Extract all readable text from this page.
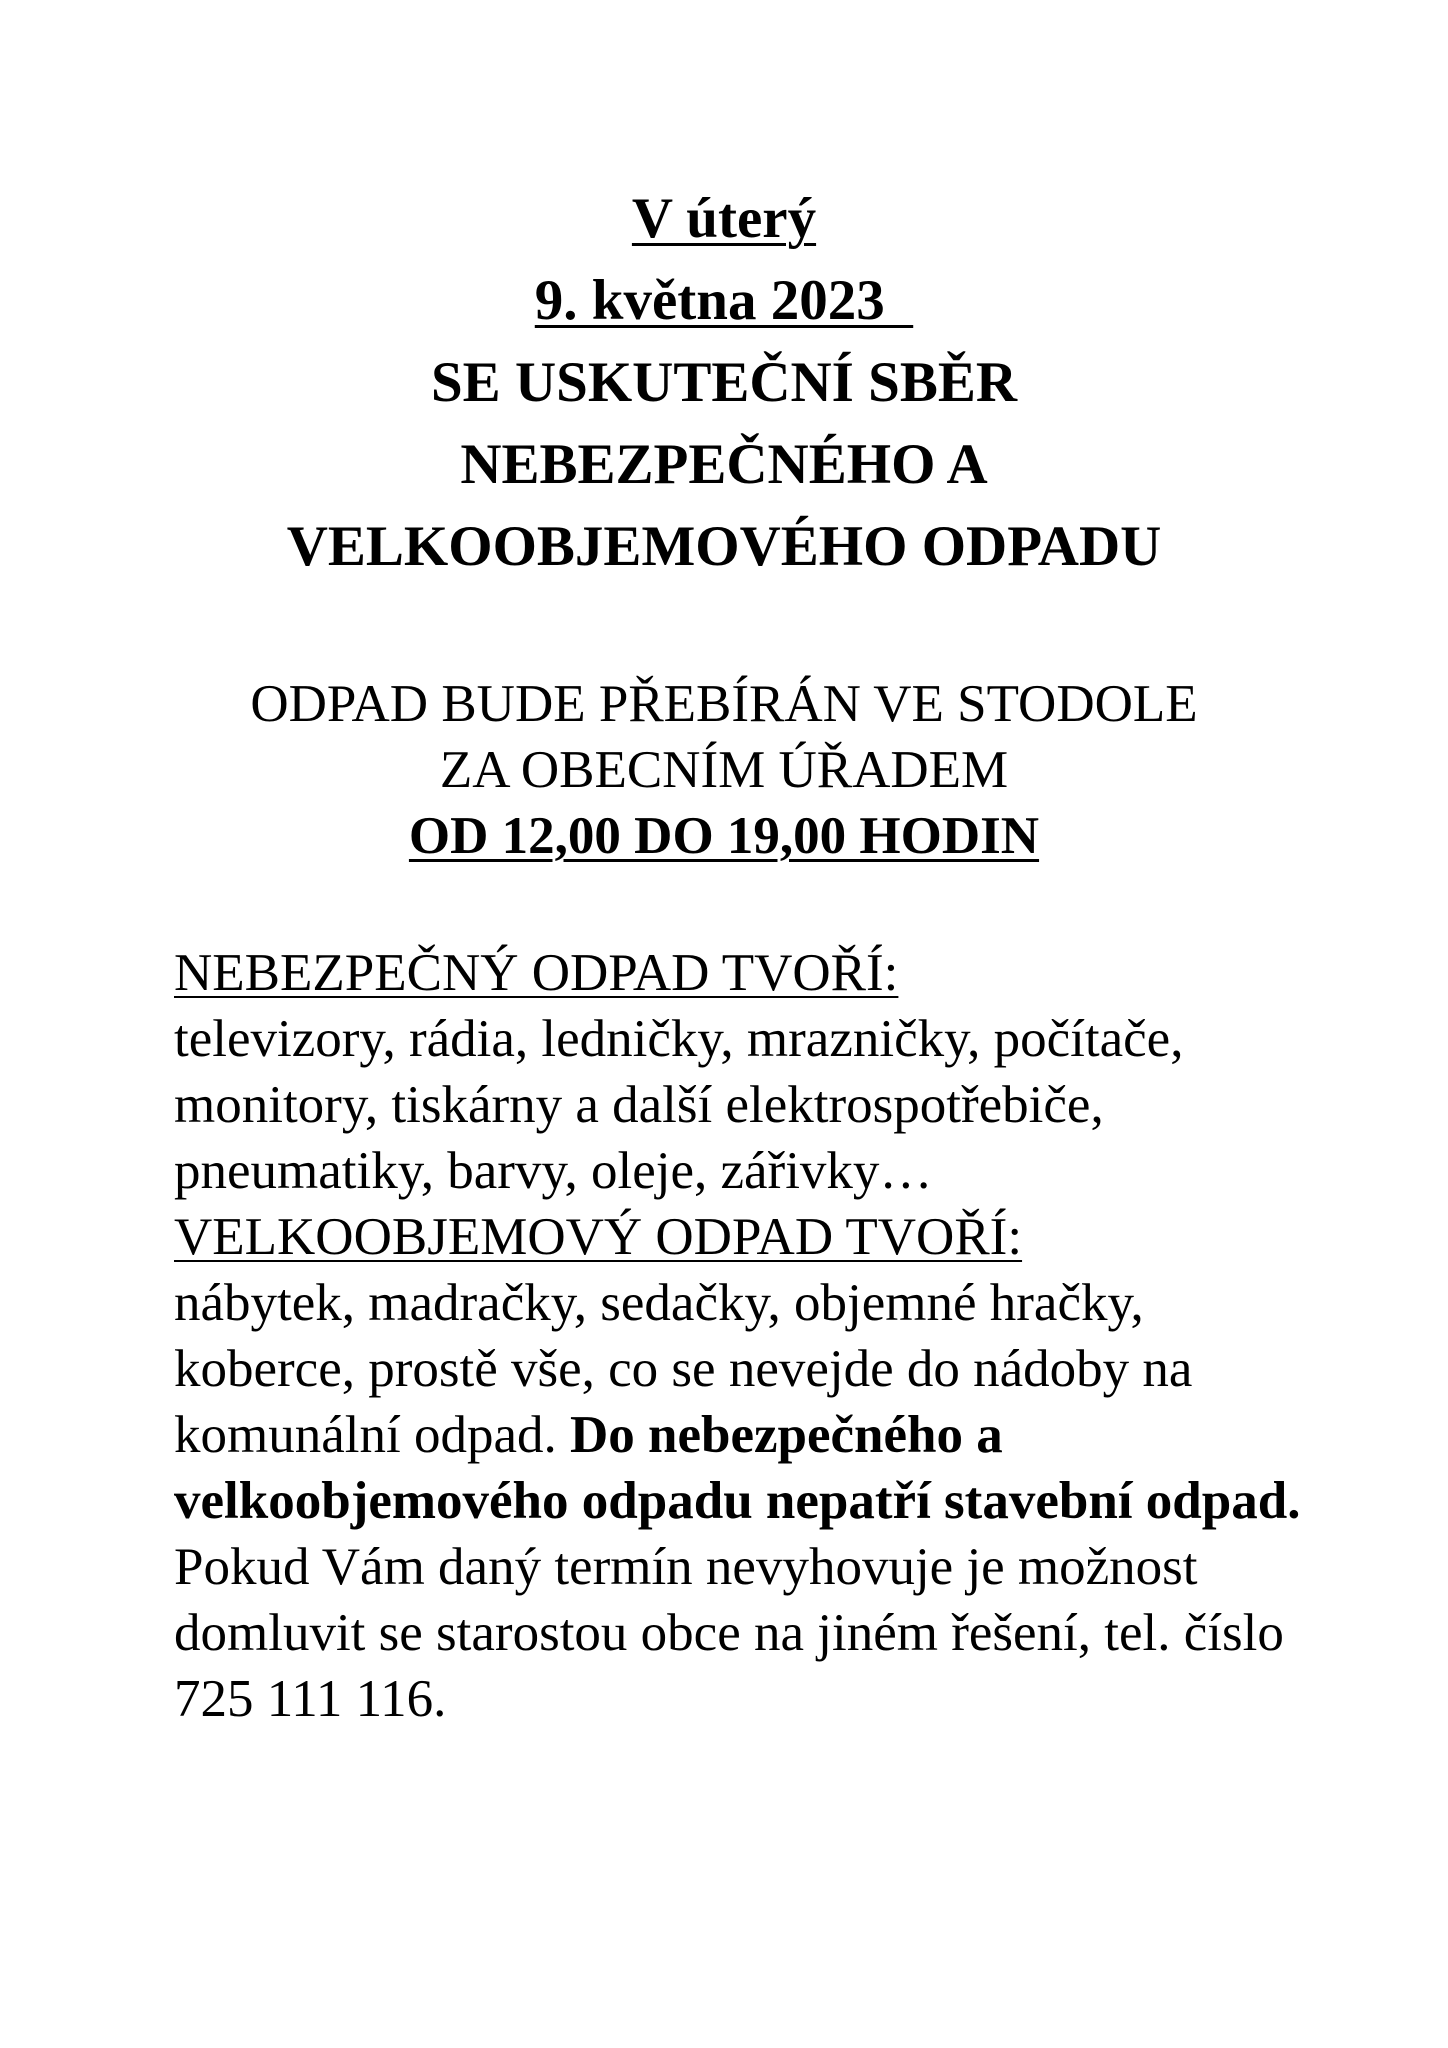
V úterý
9. května 2023
SE USKUTEČNÍ SBĚR
NEBEZPEČNÉHO A
VELKOOBJEMOVÉHO ODPADU
ODPAD BUDE PŘEBÍRÁN VE STODOLE
ZA OBECNÍM ÚŘADEM
OD 12,00 DO 19,00 HODIN

NEBEZPEČNÝ ODPAD TVOŘÍ:
televizory, rádia, ledničky, mrazničky, počítače, monitory, tiskárny a další elektrospotřebiče, pneumatiky, barvy, oleje, zářivky…

VELKOOBJEMOVÝ ODPAD TVOŘÍ:
nábytek, madračky, sedačky, objemné hračky, koberce, prostě vše, co se nevejde do nádoby na komunální odpad. Do nebezpečného a velkoobjemového odpadu nepatří stavební odpad.

Pokud Vám daný termín nevyhovuje je možnost domluvit se starostou obce na jiném řešení, tel. číslo 725 111 116.
